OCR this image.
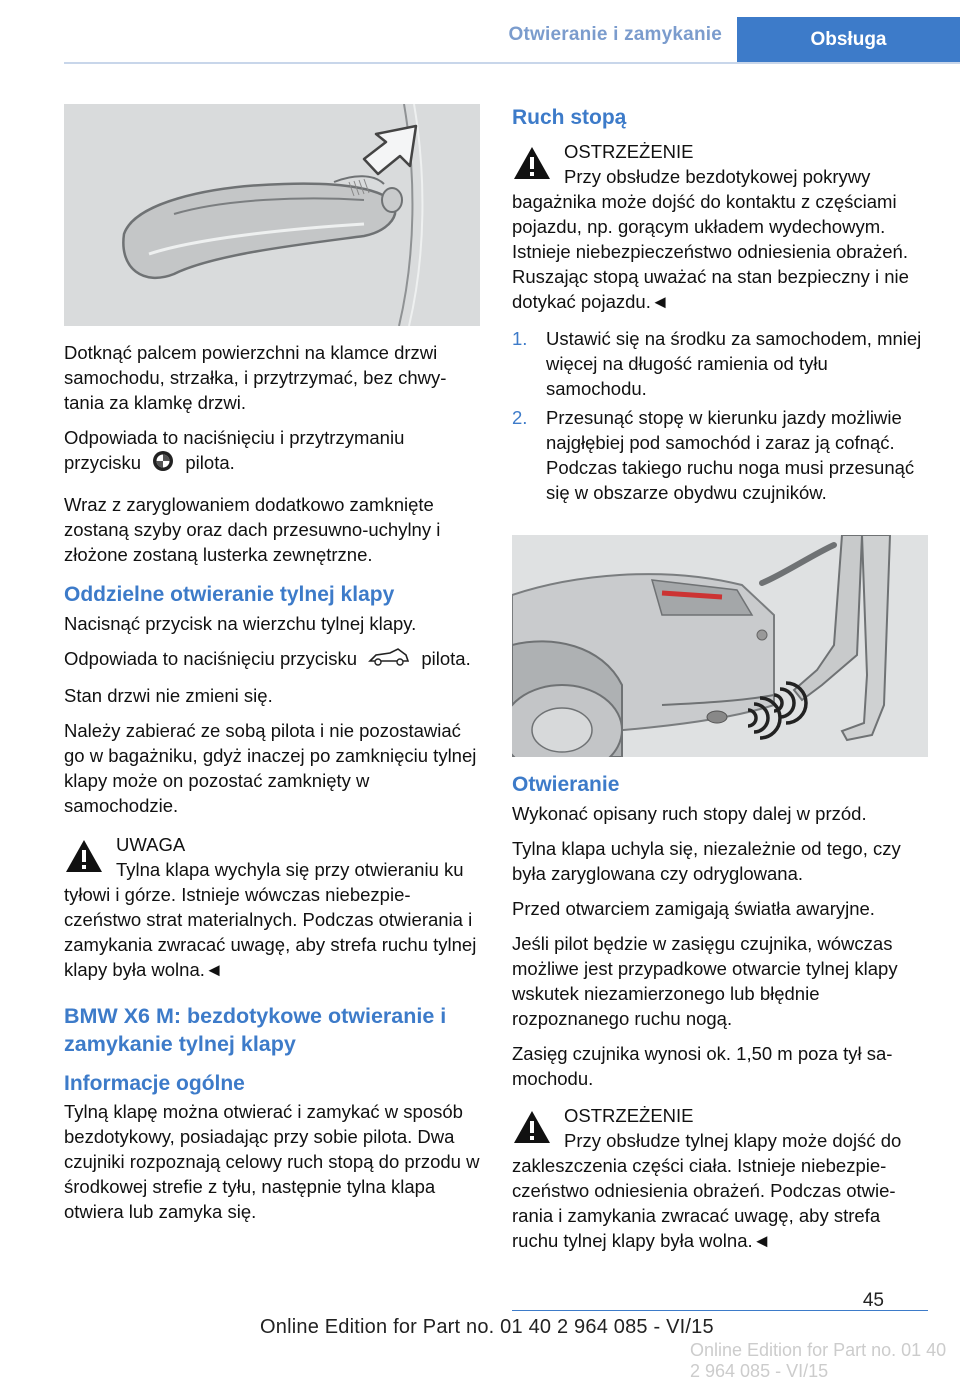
Otwieranie i zamykanie	Obsługa

Dotknąć palcem powierzchni na klamce drzwi samochodu, strzałka, i przytrzymać, bez chwytania za klamkę drzwi.

Odpowiada to naciśnięciu i przytrzymaniu przycisku pilota.

Wraz z zaryglowaniem dodatkowo zamknięte zostaną szyby oraz dach przesuwno-uchylny i złożone zostaną lusterka zewnętrzne.

Oddzielne otwieranie tylnej klapy

Nacisnąć przycisk na wierzchu tylnej klapy.

Odpowiada to naciśnięciu przycisku	pilota.

Stan drzwi nie zmieni się.

Należy zabierać ze sobą pilota i nie pozostawiać go w bagażniku, gdyż inaczej po zamknięciu tylnej klapy może on pozostać zamknięty w samochodzie.

UWAGA
Tylna klapa wychyla się przy otwieraniu ku tyłowi i górze. Istnieje wówczas niebezpieczeństwo strat materialnych. Podczas otwierania i zamykania zwracać uwagę, aby strefa ruchu tylnej klapy była wolna.◄
BMW X6 M: bezdotykowe otwieranie i zamykanie tylnej klapy
Informacje ogólne

Tylną klapę można otwierać i zamykać w sposób bezdotykowy, posiadając przy sobie pilota. Dwa czujniki rozpoznają celowy ruch stopą do przodu w środkowej strefie z tyłu, następnie tylna klapa otwiera lub zamyka się.

Ruch stopą
OSTRZEŻENIE
Przy obsłudze bezdotykowej pokrywy bagażnika może dojść do kontaktu z częściami pojazdu, np. gorącym układem wydechowym. Istnieje niebezpieczeństwo odniesienia obrażeń. Ruszając stopą uważać na stan bezpieczny i nie dotykać pojazdu.◄
1. Ustawić się na środku za samochodem, mniej więcej na długość ramienia od tyłu samochodu.
2. Przesunąć stopę w kierunku jazdy możliwie najgłębiej pod samochód i zaraz ją cofnąć. Podczas takiego ruchu noga musi przesunąć się w obszarze obydwu czujników.
Otwieranie

Wykonać opisany ruch stopy dalej w przód.

Tylna klapa uchyla się, niezależnie od tego, czy była zaryglowana czy odryglowana.

Przed otwarciem zamigają światła awaryjne.

Jeśli pilot będzie w zasięgu czujnika, wówczas możliwe jest przypadkowe otwarcie tylnej klapy wskutek niezamierzonego lub błędnie rozpoznanego ruchu nogą.

Zasięg czujnika wynosi ok. 1,50 m poza tył samochodu.

OSTRZEŻENIE
Przy obsłudze tylnej klapy może dojść do zakleszczenia części ciała. Istnieje niebezpieczeństwo odniesienia obrażeń. Podczas otwierania i zamykania zwracać uwagę, aby strefa ruchu tylnej klapy była wolna.◄
45
Online Edition for Part no. 01 40 2 964 085 - VI/15
Online Edition for Part no. 01 40 2 964 085 - VI/15
